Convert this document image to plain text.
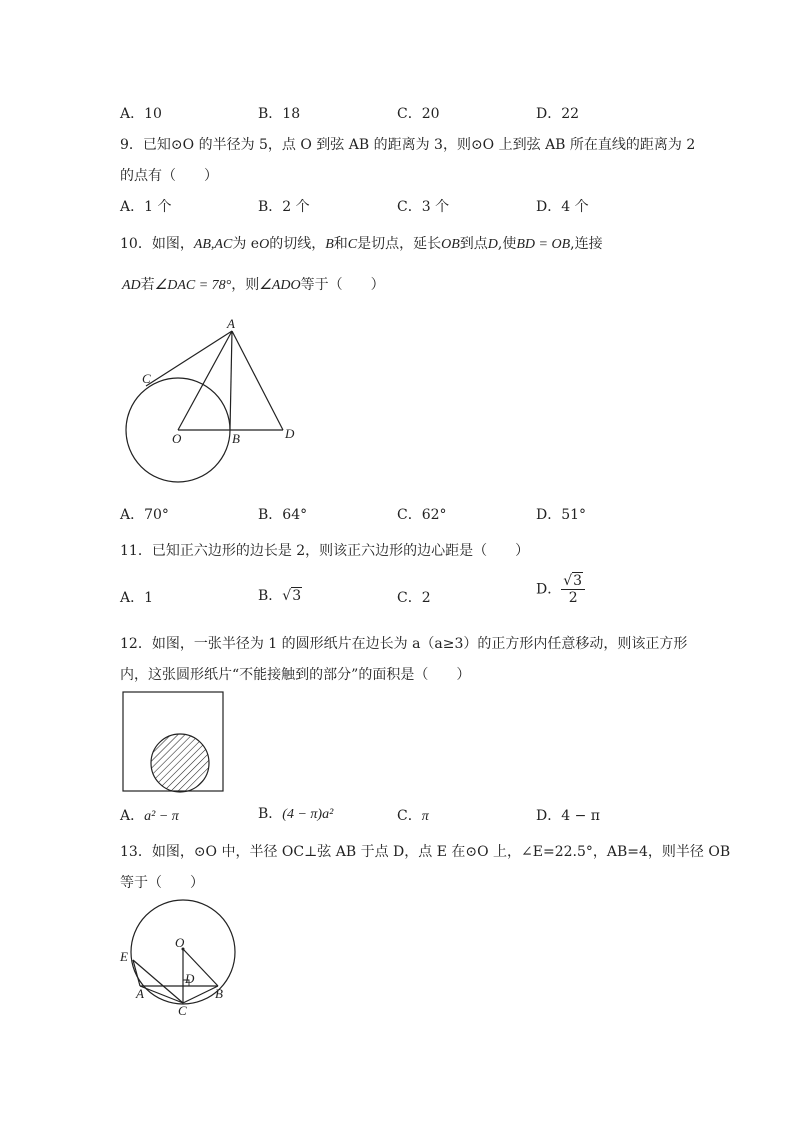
A．10	B．18	C．20	D．22
9．已知⊙O 的半径为 5，点 O 到弦 AB 的距离为 3，则⊙O 上到弦 AB 所在直线的距离为 2
的点有（　　）
A．1 个	B．2 个	C．3 个	D．4 个
10．如图，AB,AC为 eO的切线，B和C是切点，延长OB到点D,使BD = OB,连接
AD若∠DAC = 78°，则∠ADO等于（　　）
A
C
O	B	D
A．70°	B．64°	C．62°	D．51°
11．已知正六边形的边长是 2，则该正六边形的边心距是（　　）
A．1	B．√3	C．2
D． $\frac{√3}{2}$
12．如图，一张半径为 1 的圆形纸片在边长为 a（a≥3）的正方形内任意移动，则该正方形
内，这张圆形纸片“不能接触到的部分”的面积是（　　）
A．a² − π	B．(4 − π)a²	C．π	D．4 − π
13．如图，⊙O 中，半径 OC⊥弦 AB 于点 D，点 E 在⊙O 上，∠E=22.5°，AB=4，则半径 OB
等于（　　）
O
E
D
A	B
C
